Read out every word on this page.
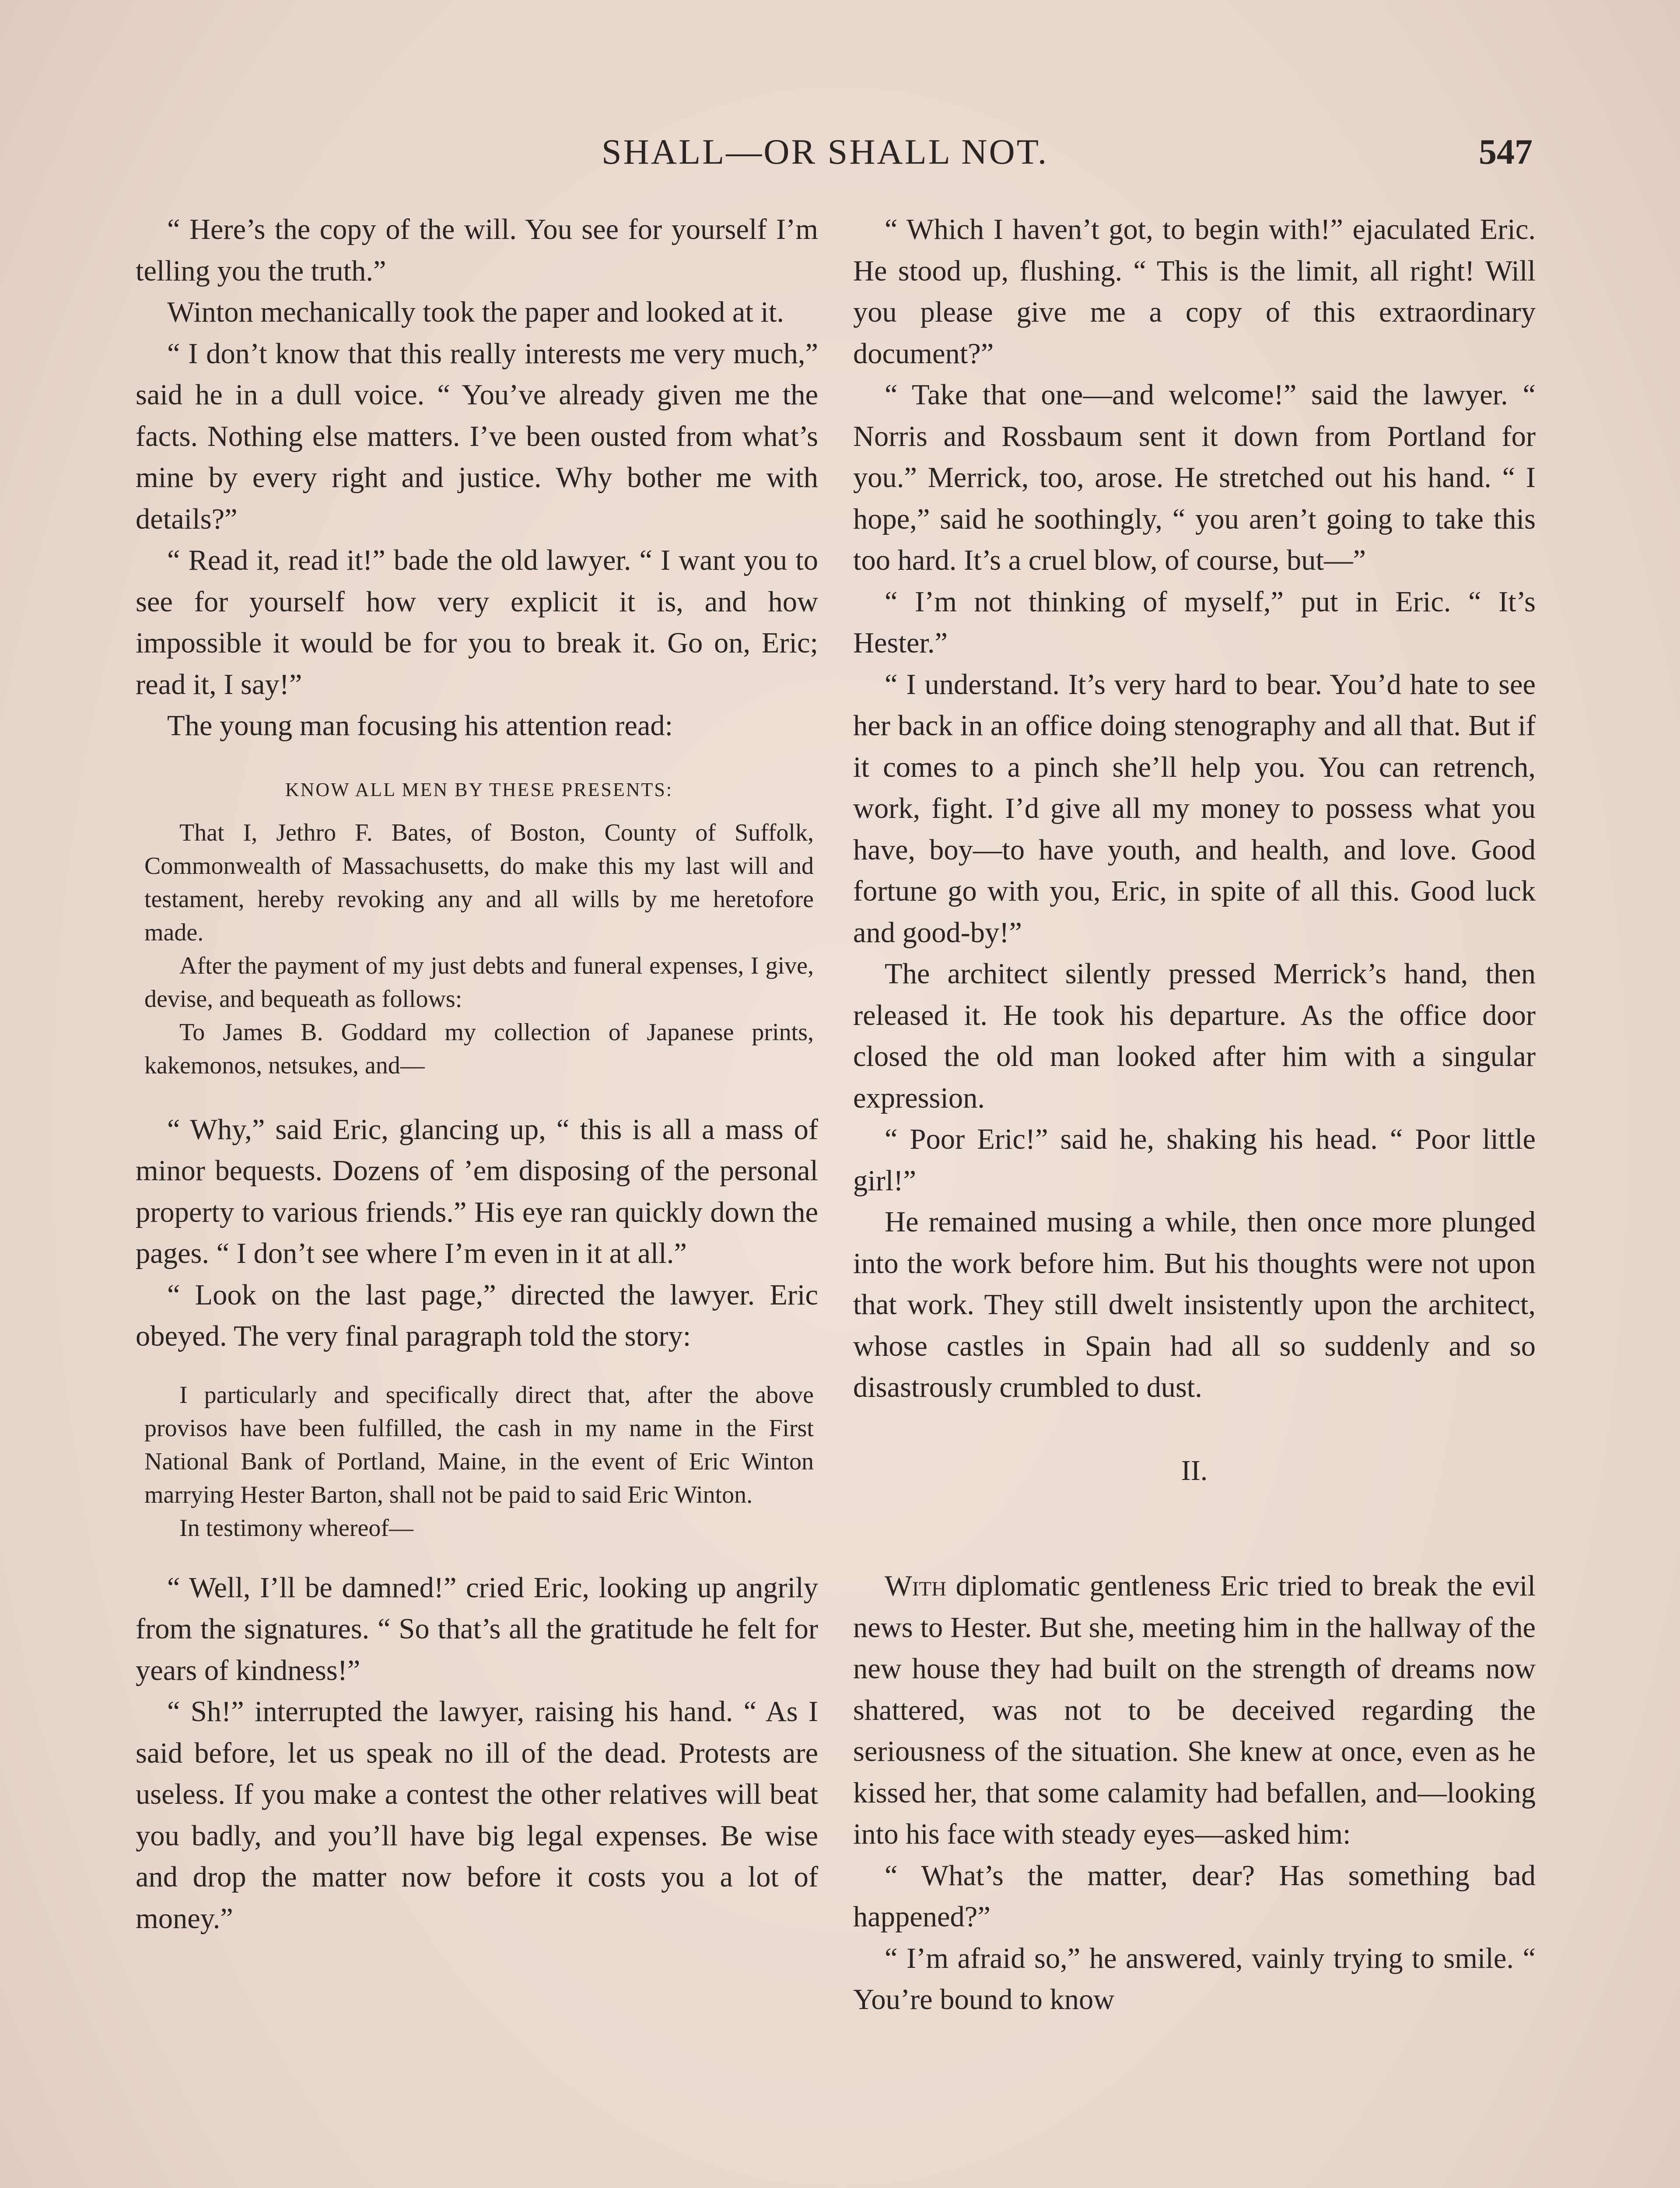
SHALL—OR SHALL NOT.	547

“ Here’s the copy of the will. You see for yourself I’m telling you the truth.”

Winton mechanically took the paper and looked at it.

“ I don’t know that this really interests me very much,” said he in a dull voice. “ You’ve already given me the facts. Nothing else matters. I’ve been ousted from what’s mine by every right and justice. Why bother me with details?”

“ Read it, read it!” bade the old lawyer. “ I want you to see for yourself how very explicit it is, and how impossible it would be for you to break it. Go on, Eric; read it, I say!”

The young man focusing his attention read:

KNOW ALL MEN BY THESE PRESENTS:

That I, Jethro F. Bates, of Boston, County of Suffolk, Commonwealth of Massachusetts, do make this my last will and testament, hereby revoking any and all wills by me heretofore made.

After the payment of my just debts and funeral expenses, I give, devise, and bequeath as follows:

To James B. Goddard my collection of Japanese prints, kakemonos, netsukes, and—

“ Why,” said Eric, glancing up, “ this is all a mass of minor bequests. Dozens of ’em disposing of the personal property to various friends.” His eye ran quickly down the pages. “ I don’t see where I’m even in it at all.”

“ Look on the last page,” directed the lawyer. Eric obeyed. The very final paragraph told the story:

I particularly and specifically direct that, after the above provisos have been fulfilled, the cash in my name in the First National Bank of Portland, Maine, in the event of Eric Winton marrying Hester Barton, shall not be paid to said Eric Winton.

In testimony whereof—

“ Well, I’ll be damned!” cried Eric, looking up angrily from the signatures. “ So that’s all the gratitude he felt for years of kindness!”

“ Sh!” interrupted the lawyer, raising his hand. “ As I said before, let us speak no ill of the dead. Protests are useless. If you make a contest the other relatives will beat you badly, and you’ll have big legal expenses. Be wise and drop the matter now before it costs you a lot of money.”

“ Which I haven’t got, to begin with!” ejaculated Eric. He stood up, flushing. “ This is the limit, all right! Will you please give me a copy of this extraordinary document?”

“ Take that one—and welcome!” said the lawyer. “ Norris and Rossbaum sent it down from Portland for you.” Merrick, too, arose. He stretched out his hand. “ I hope,” said he soothingly, “ you aren’t going to take this too hard. It’s a cruel blow, of course, but—”

“ I’m not thinking of myself,” put in Eric. “ It’s Hester.”

“ I understand. It’s very hard to bear. You’d hate to see her back in an office doing stenography and all that. But if it comes to a pinch she’ll help you. You can retrench, work, fight. I’d give all my money to possess what you have, boy—to have youth, and health, and love. Good fortune go with you, Eric, in spite of all this. Good luck and good-by!”

The architect silently pressed Merrick’s hand, then released it. He took his departure. As the office door closed the old man looked after him with a singular expression.

“ Poor Eric!” said he, shaking his head. “ Poor little girl!”

He remained musing a while, then once more plunged into the work before him. But his thoughts were not upon that work. They still dwelt insistently upon the architect, whose castles in Spain had all so suddenly and so disastrously crumbled to dust.

II.

With diplomatic gentleness Eric tried to break the evil news to Hester. But she, meeting him in the hallway of the new house they had built on the strength of dreams now shattered, was not to be deceived regarding the seriousness of the situation. She knew at once, even as he kissed her, that some calamity had befallen, and—looking into his face with steady eyes—asked him:

“ What’s the matter, dear? Has something bad happened?”

“ I’m afraid so,” he answered, vainly trying to smile. “ You’re bound to know
